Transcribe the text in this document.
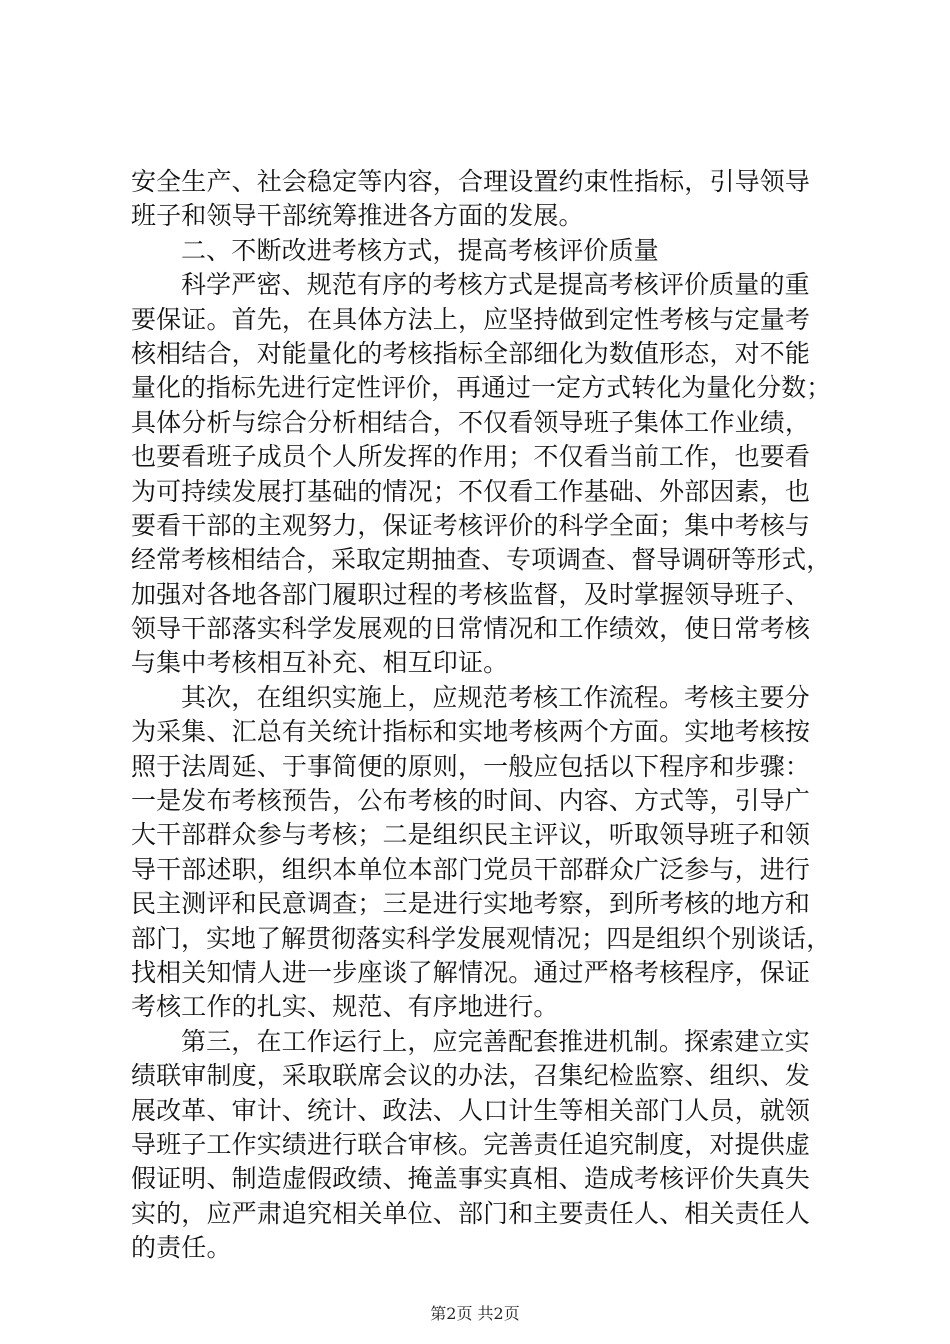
安全生产、社会稳定等内容，合理设置约束性指标，引导领导
班子和领导干部统筹推进各方面的发展。
二、不断改进考核方式，提高考核评价质量
科学严密、规范有序的考核方式是提高考核评价质量的重
要保证。首先，在具体方法上，应坚持做到定性考核与定量考
核相结合，对能量化的考核指标全部细化为数值形态，对不能
量化的指标先进行定性评价，再通过一定方式转化为量化分数；
具体分析与综合分析相结合，不仅看领导班子集体工作业绩，
也要看班子成员个人所发挥的作用；不仅看当前工作，也要看
为可持续发展打基础的情况；不仅看工作基础、外部因素，也
要看干部的主观努力，保证考核评价的科学全面；集中考核与
经常考核相结合，采取定期抽查、专项调查、督导调研等形式，
加强对各地各部门履职过程的考核监督，及时掌握领导班子、
领导干部落实科学发展观的日常情况和工作绩效，使日常考核
与集中考核相互补充、相互印证。
其次，在组织实施上，应规范考核工作流程。考核主要分
为采集、汇总有关统计指标和实地考核两个方面。实地考核按
照于法周延、于事简便的原则，一般应包括以下程序和步骤：
一是发布考核预告，公布考核的时间、内容、方式等，引导广
大干部群众参与考核；二是组织民主评议，听取领导班子和领
导干部述职，组织本单位本部门党员干部群众广泛参与，进行
民主测评和民意调查；三是进行实地考察，到所考核的地方和
部门，实地了解贯彻落实科学发展观情况；四是组织个别谈话，
找相关知情人进一步座谈了解情况。通过严格考核程序，保证
考核工作的扎实、规范、有序地进行。
第三，在工作运行上，应完善配套推进机制。探索建立实
绩联审制度，采取联席会议的办法，召集纪检监察、组织、发
展改革、审计、统计、政法、人口计生等相关部门人员，就领
导班子工作实绩进行联合审核。完善责任追究制度，对提供虚
假证明、制造虚假政绩、掩盖事实真相、造成考核评价失真失
实的，应严肃追究相关单位、部门和主要责任人、相关责任人
的责任。
第2页 共2页
